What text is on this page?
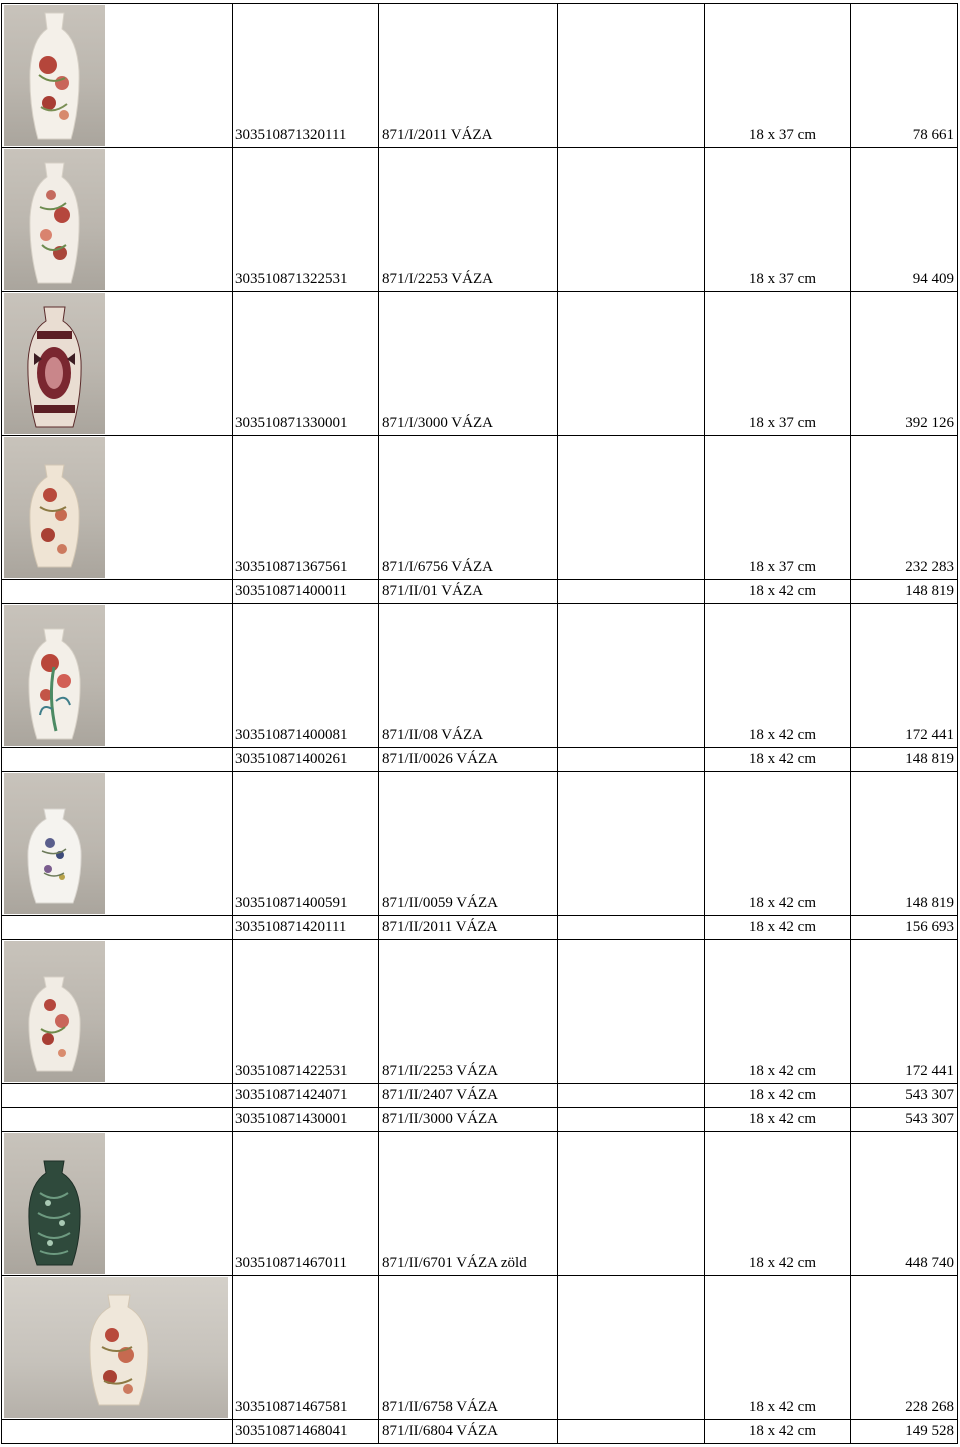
303510871320111	871/I/2011 VÁZA	18 x 37 cm	78 661
303510871322531	871/I/2253 VÁZA	18 x 37 cm	94 409
303510871330001	871/I/3000 VÁZA	18 x 37 cm	392 126
303510871367561	871/I/6756 VÁZA	18 x 37 cm	232 283
303510871400011	871/II/01 VÁZA	18 x 42 cm	148 819
303510871400081	871/II/08 VÁZA	18 x 42 cm	172 441
303510871400261	871/II/0026 VÁZA	18 x 42 cm	148 819
303510871400591	871/II/0059 VÁZA	18 x 42 cm	148 819
303510871420111	871/II/2011 VÁZA	18 x 42 cm	156 693
303510871422531	871/II/2253 VÁZA	18 x 42 cm	172 441
303510871424071	871/II/2407 VÁZA	18 x 42 cm	543 307
303510871430001	871/II/3000 VÁZA	18 x 42 cm	543 307
303510871467011	871/II/6701 VÁZA zöld	18 x 42 cm	448 740
303510871467581	871/II/6758 VÁZA	18 x 42 cm	228 268
303510871468041	871/II/6804 VÁZA	18 x 42 cm	149 528
